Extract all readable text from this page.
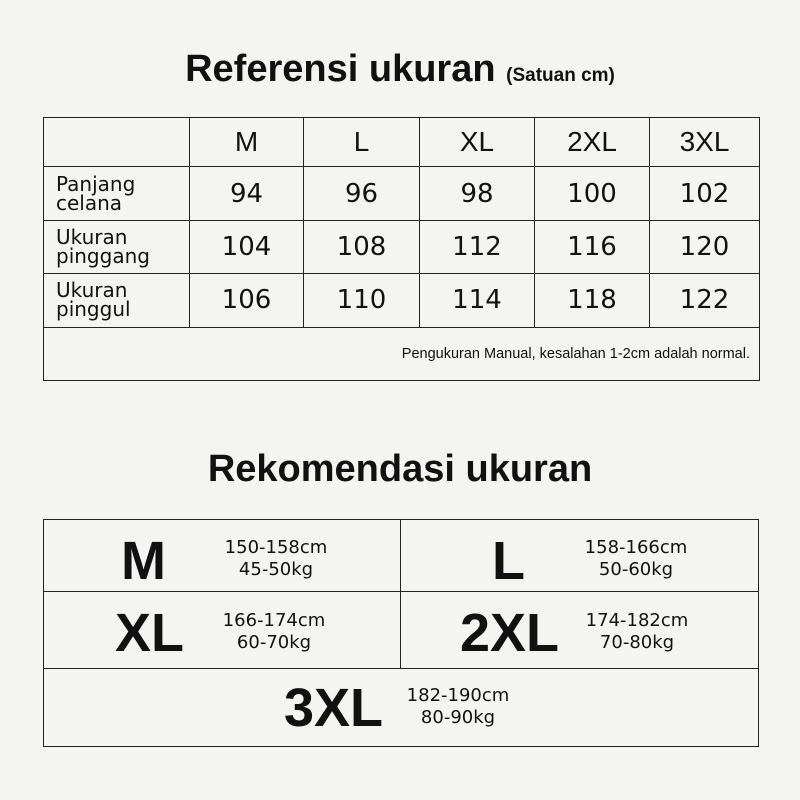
Referensi ukuran (Satuan cm)
	M	L	XL	2XL	3XL

Panjang
celana	94	96	98	100	102

Ukuran
pinggang	104	108	112	116	120

Ukuran
pinggul	106	110	114	118	122
Pengukuran Manual, kesalahan 1-2cm adalah normal.					
Rekomendasi ukuran
M	150-158cm
45-50kg	L	158-166cm
50-60kg
XL 166-174cm
60-70kg	2XL 174-182cm
70-80kg
3XL 182-190cm
80-90kg
